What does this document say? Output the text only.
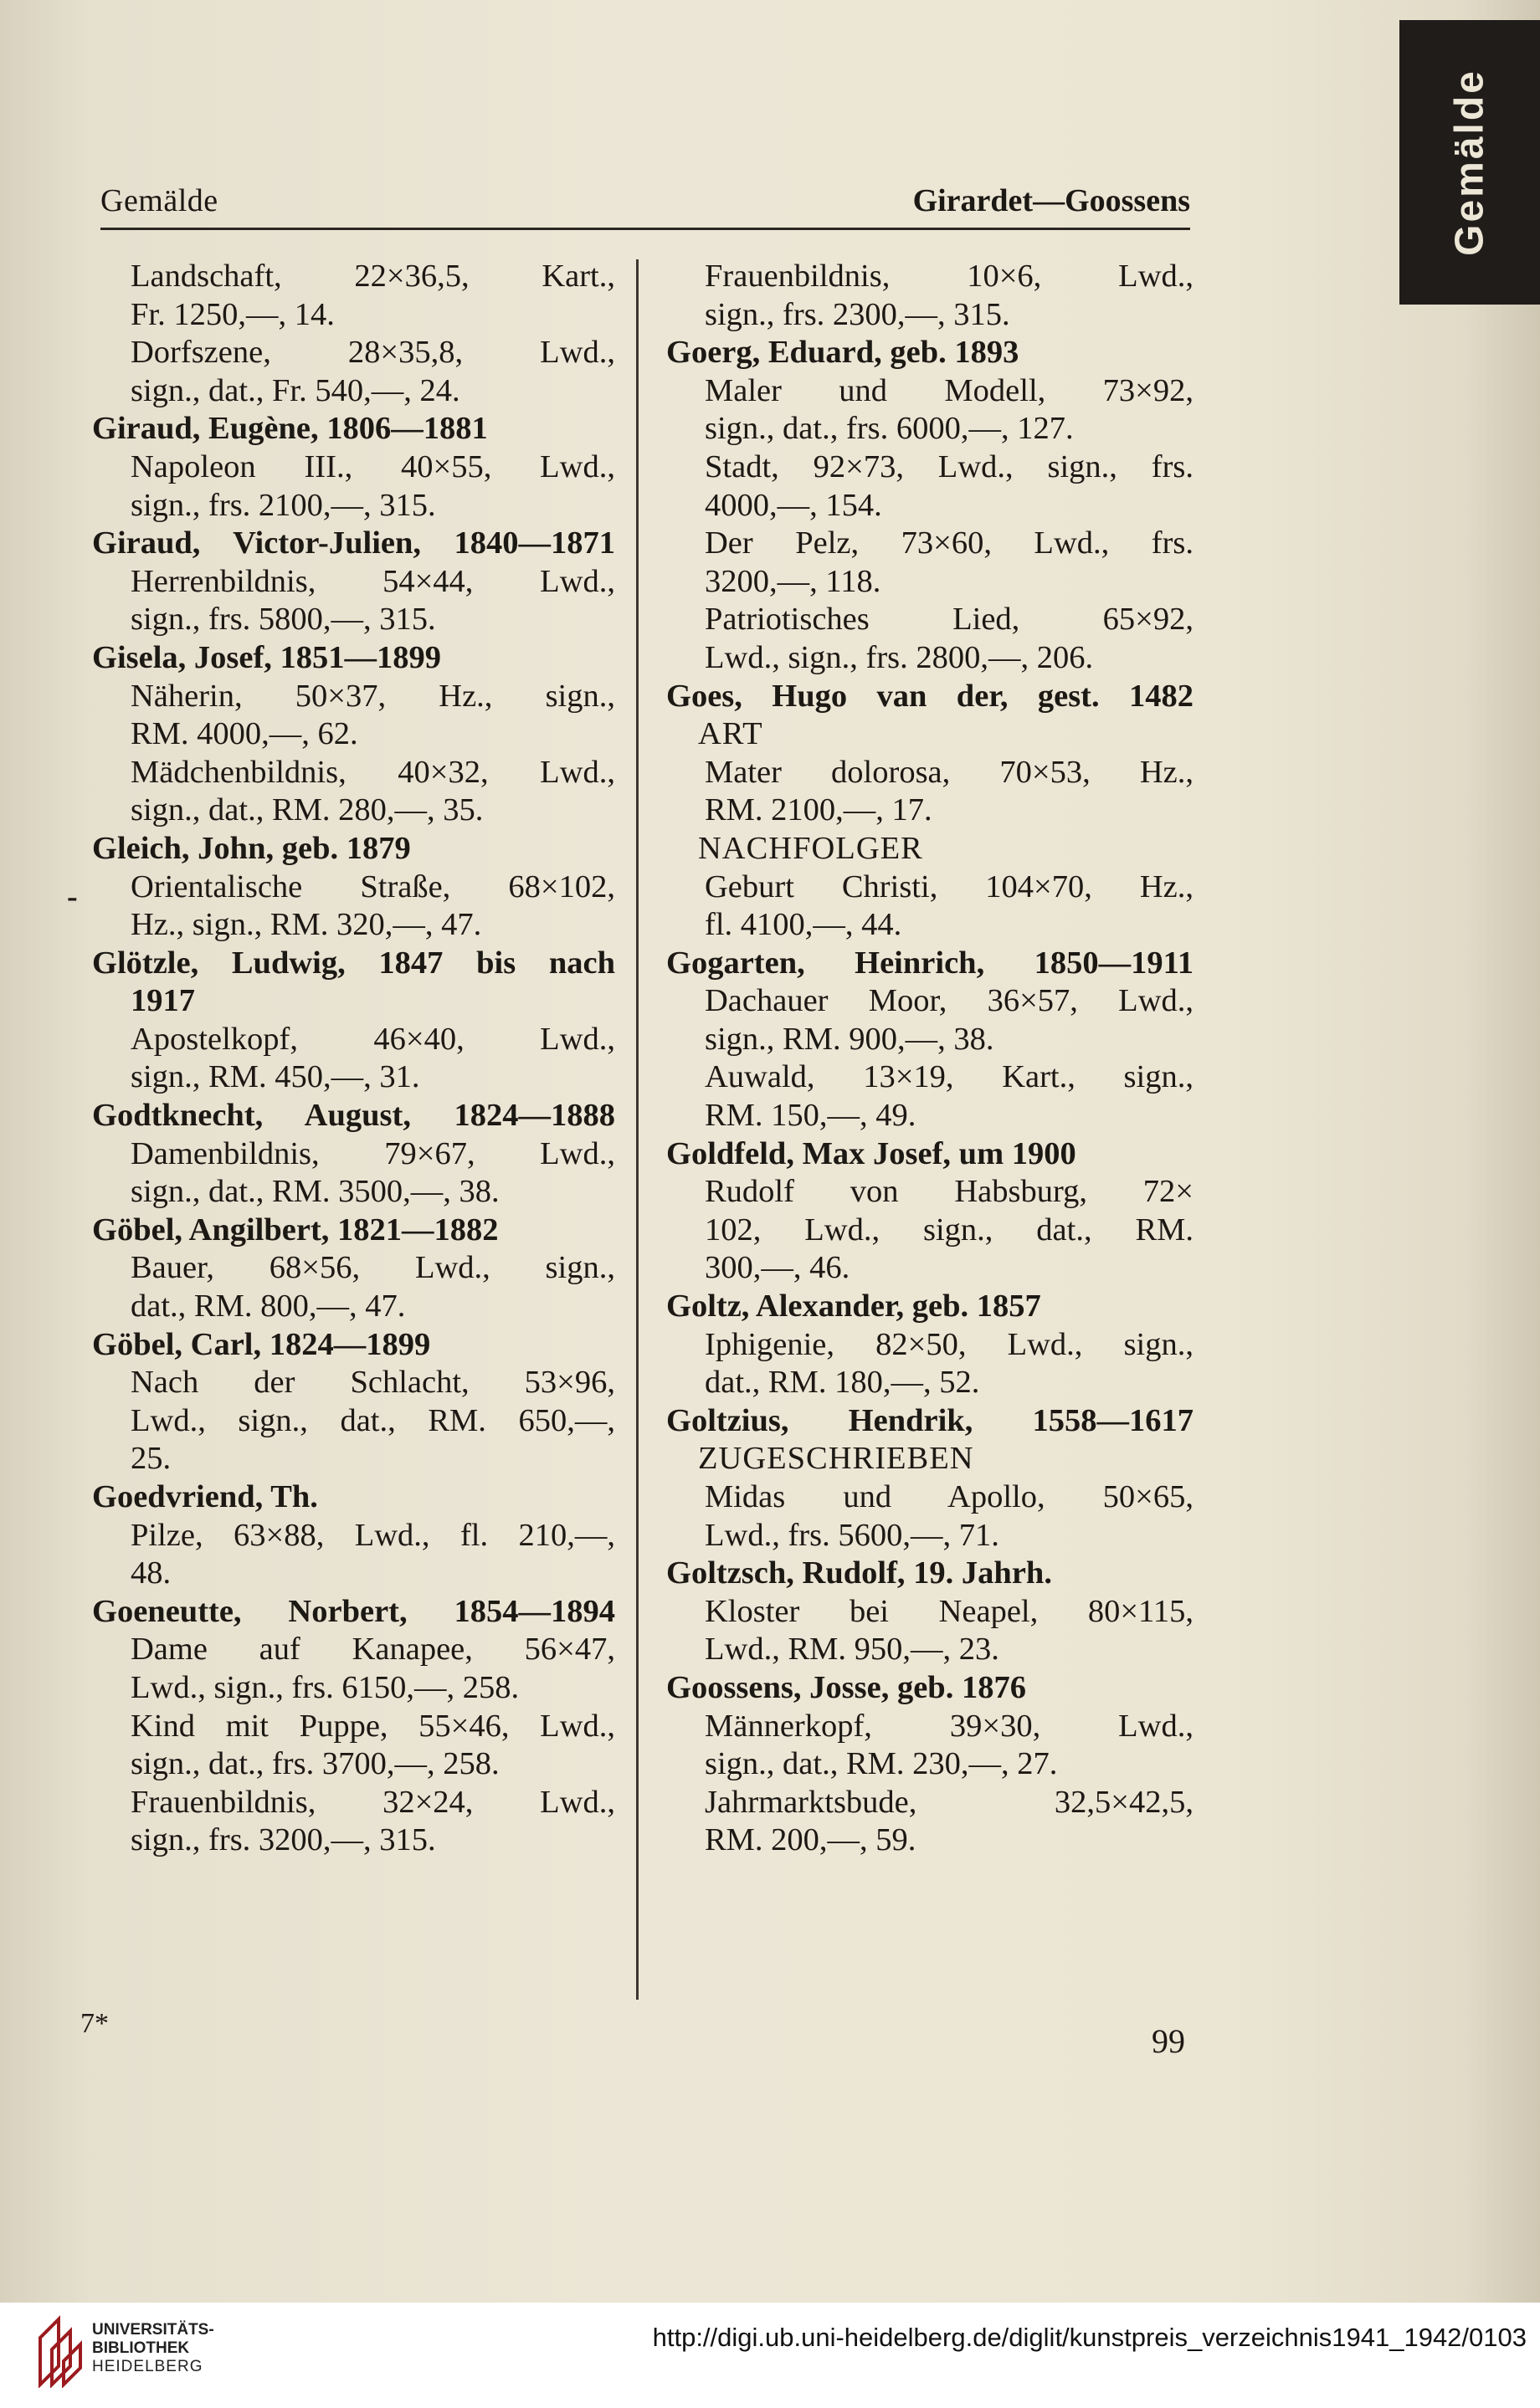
Gemälde
Gemälde	Girardet—Goossens
Landschaft, 22×36,5, Kart.,
Fr. 1250,—, 14.
Dorfszene, 28×35,8, Lwd.,
sign., dat., Fr. 540,—, 24.
Giraud, Eugène, 1806—1881
Napoleon III., 40×55, Lwd.,
sign., frs. 2100,—, 315.
Giraud, Victor-Julien, 1840—1871
Herrenbildnis, 54×44, Lwd.,
sign., frs. 5800,—, 315.
Gisela, Josef, 1851—1899
Näherin, 50×37, Hz., sign.,
RM. 4000,—, 62.
Mädchenbildnis, 40×32, Lwd.,
sign., dat., RM. 280,—, 35.
Gleich, John, geb. 1879
Orientalische Straße, 68×102,
Hz., sign., RM. 320,—, 47.
Glötzle, Ludwig, 1847 bis nach
1917
Apostelkopf, 46×40, Lwd.,
sign., RM. 450,—, 31.
Godtknecht, August, 1824—1888
Damenbildnis, 79×67, Lwd.,
sign., dat., RM. 3500,—, 38.
Göbel, Angilbert, 1821—1882
Bauer, 68×56, Lwd., sign.,
dat., RM. 800,—, 47.
Göbel, Carl, 1824—1899
Nach der Schlacht, 53×96,
Lwd., sign., dat., RM. 650,—,
25.
Goedvriend, Th.
Pilze, 63×88, Lwd., fl. 210,—,
48.
Goeneutte, Norbert, 1854—1894
Dame auf Kanapee, 56×47,
Lwd., sign., frs. 6150,—, 258.
Kind mit Puppe, 55×46, Lwd.,
sign., dat., frs. 3700,—, 258.
Frauenbildnis, 32×24, Lwd.,
sign., frs. 3200,—, 315.
Frauenbildnis, 10×6, Lwd.,
sign., frs. 2300,—, 315.
Goerg, Eduard, geb. 1893
Maler und Modell, 73×92,
sign., dat., frs. 6000,—, 127.
Stadt, 92×73, Lwd., sign., frs.
4000,—, 154.
Der Pelz, 73×60, Lwd., frs.
3200,—, 118.
Patriotisches Lied, 65×92,
Lwd., sign., frs. 2800,—, 206.
Goes, Hugo van der, gest. 1482
ART
Mater dolorosa, 70×53, Hz.,
RM. 2100,—, 17.
NACHFOLGER
Geburt Christi, 104×70, Hz.,
fl. 4100,—, 44.
Gogarten, Heinrich, 1850—1911
Dachauer Moor, 36×57, Lwd.,
sign., RM. 900,—, 38.
Auwald, 13×19, Kart., sign.,
RM. 150,—, 49.
Goldfeld, Max Josef, um 1900
Rudolf von Habsburg, 72×
102, Lwd., sign., dat., RM.
300,—, 46.
Goltz, Alexander, geb. 1857
Iphigenie, 82×50, Lwd., sign.,
dat., RM. 180,—, 52.
Goltzius, Hendrik, 1558—1617
ZUGESCHRIEBEN
Midas und Apollo, 50×65,
Lwd., frs. 5600,—, 71.
Goltzsch, Rudolf, 19. Jahrh.
Kloster bei Neapel, 80×115,
Lwd., RM. 950,—, 23.
Goossens, Josse, geb. 1876
Männerkopf, 39×30, Lwd.,
sign., dat., RM. 230,—, 27.
Jahrmarktsbude, 32,5×42,5,
RM. 200,—, 59.
-
7*	99
UNIVERSITÄTS-
BIBLIOTHEK
HEIDELBERG
http://digi.ub.uni-heidelberg.de/diglit/kunstpreis_verzeichnis1941_1942/0103
